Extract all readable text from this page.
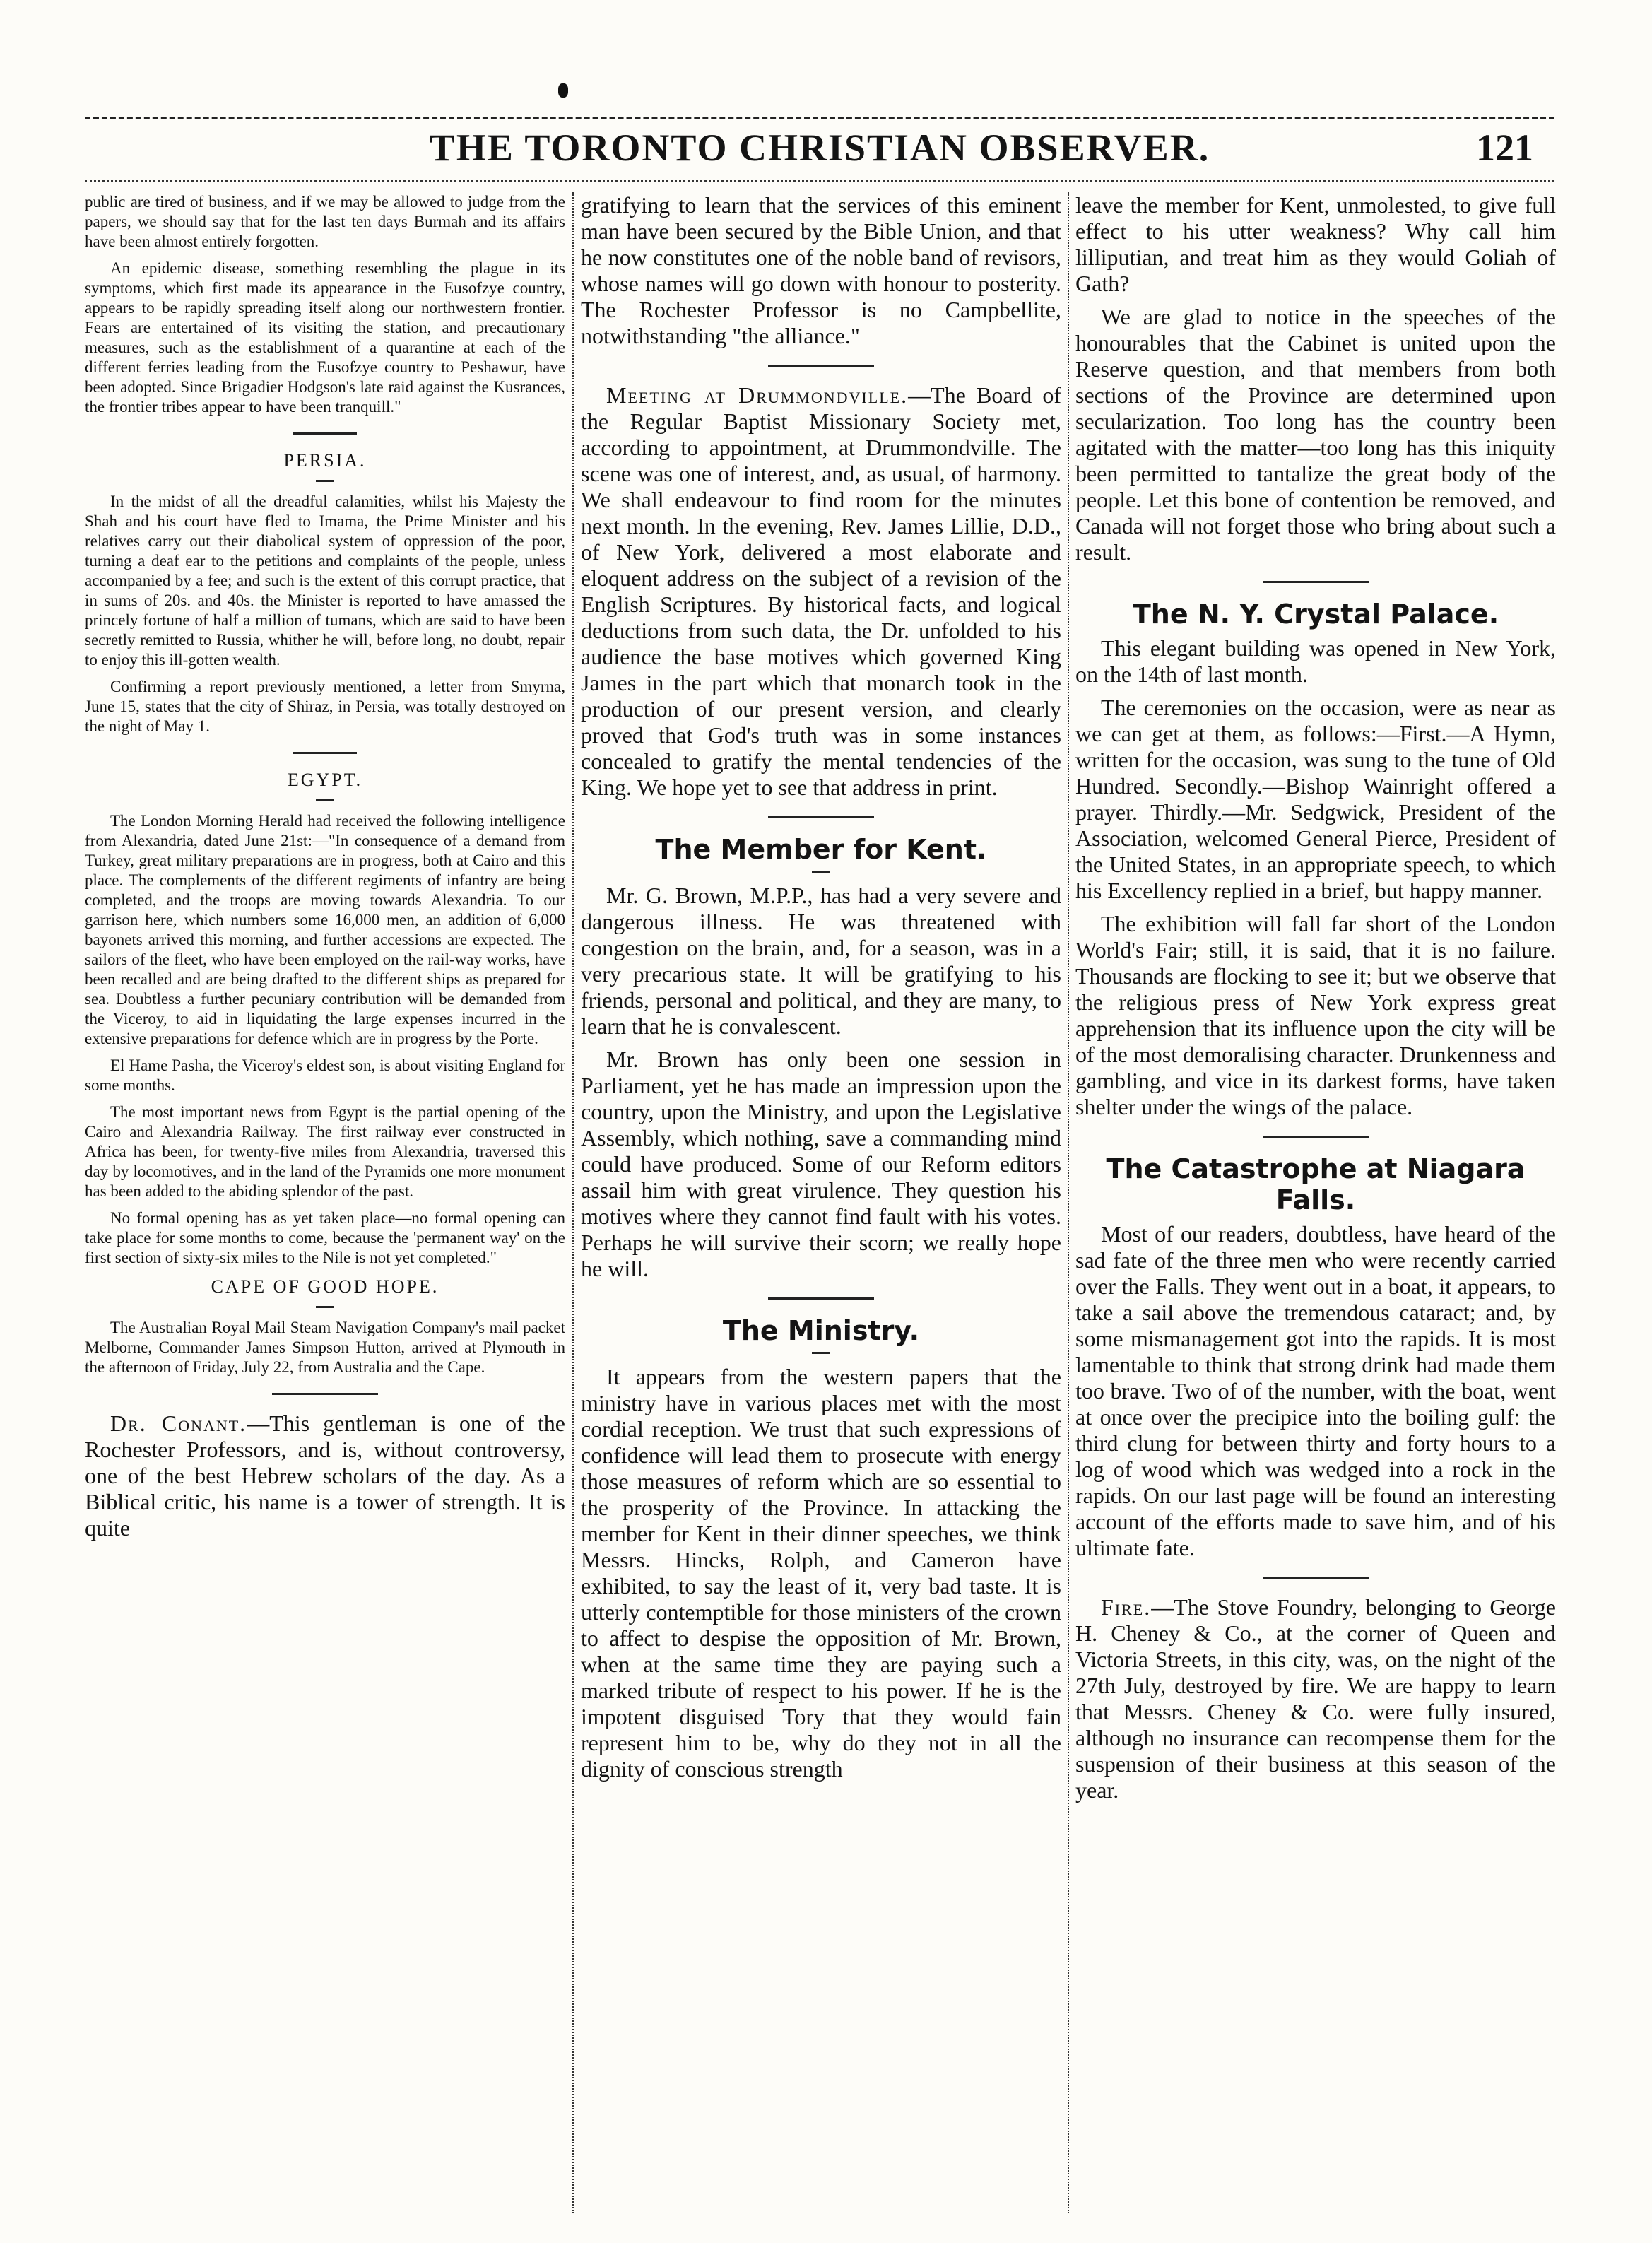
THE TORONTO CHRISTIAN OBSERVER.	121

public are tired of business, and if we may be allowed to judge from the papers, we should say that for the last ten days Burmah and its affairs have been almost entirely forgotten.

An epidemic disease, something resembling the plague in its symptoms, which first made its appearance in the Eusofzye country, appears to be rapidly spreading itself along our northwestern frontier. Fears are entertained of its visiting the station, and precautionary measures, such as the establishment of a quarantine at each of the different ferries leading from the Eusofzye country to Peshawur, have been adopted. Since Brigadier Hodgson's late raid against the Kusrances, the frontier tribes appear to have been tranquill."

PERSIA.

In the midst of all the dreadful calamities, whilst his Majesty the Shah and his court have fled to Imama, the Prime Minister and his relatives carry out their diabolical system of oppression of the poor, turning a deaf ear to the petitions and complaints of the people, unless accompanied by a fee; and such is the extent of this corrupt practice, that in sums of 20s. and 40s. the Minister is reported to have amassed the princely fortune of half a million of tumans, which are said to have been secretly remitted to Russia, whither he will, before long, no doubt, repair to enjoy this ill-gotten wealth.

Confirming a report previously mentioned, a letter from Smyrna, June 15, states that the city of Shiraz, in Persia, was totally destroyed on the night of May 1.

EGYPT.

The London Morning Herald had received the following intelligence from Alexandria, dated June 21st:—"In consequence of a demand from Turkey, great military preparations are in progress, both at Cairo and this place. The complements of the different regiments of infantry are being completed, and the troops are moving towards Alexandria. To our garrison here, which numbers some 16,000 men, an addition of 6,000 bayonets arrived this morning, and further accessions are expected. The sailors of the fleet, who have been employed on the rail-way works, have been recalled and are being drafted to the different ships as prepared for sea. Doubtless a further pecuniary contribution will be demanded from the Viceroy, to aid in liquidating the large expenses incurred in the extensive preparations for defence which are in progress by the Porte.

El Hame Pasha, the Viceroy's eldest son, is about visiting England for some months.

The most important news from Egypt is the partial opening of the Cairo and Alexandria Railway. The first railway ever constructed in Africa has been, for twenty-five miles from Alexandria, traversed this day by locomotives, and in the land of the Pyramids one more monument has been added to the abiding splendor of the past.

No formal opening has as yet taken place—no formal opening can take place for some months to come, because the 'permanent way' on the first section of sixty-six miles to the Nile is not yet completed."

CAPE OF GOOD HOPE.

The Australian Royal Mail Steam Navigation Company's mail packet Melborne, Commander James Simpson Hutton, arrived at Plymouth in the afternoon of Friday, July 22, from Australia and the Cape.

Dr. Conant.—This gentleman is one of the Rochester Professors, and is, without controversy, one of the best Hebrew scholars of the day. As a Biblical critic, his name is a tower of strength. It is quite

gratifying to learn that the services of this eminent man have been secured by the Bible Union, and that he now constitutes one of the noble band of revisors, whose names will go down with honour to posterity. The Rochester Professor is no Campbellite, notwithstanding "the alliance."

Meeting at Drummondville.—The Board of the Regular Baptist Missionary Society met, according to appointment, at Drummondville. The scene was one of interest, and, as usual, of harmony. We shall endeavour to find room for the minutes next month. In the evening, Rev. James Lillie, D.D., of New York, delivered a most elaborate and eloquent address on the subject of a revision of the English Scriptures. By historical facts, and logical deductions from such data, the Dr. unfolded to his audience the base motives which governed King James in the part which that monarch took in the production of our present version, and clearly proved that God's truth was in some instances concealed to gratify the mental tendencies of the King. We hope yet to see that address in print.

The Member for Kent.

Mr. G. Brown, M.P.P., has had a very severe and dangerous illness. He was threatened with congestion on the brain, and, for a season, was in a very precarious state. It will be gratifying to his friends, personal and political, and they are many, to learn that he is convalescent.

Mr. Brown has only been one session in Parliament, yet he has made an impression upon the country, upon the Ministry, and upon the Legislative Assembly, which nothing, save a commanding mind could have produced. Some of our Reform editors assail him with great virulence. They question his motives where they cannot find fault with his votes. Perhaps he will survive their scorn; we really hope he will.

The Ministry.

It appears from the western papers that the ministry have in various places met with the most cordial reception. We trust that such expressions of confidence will lead them to prosecute with energy those measures of reform which are so essential to the prosperity of the Province. In attacking the member for Kent in their dinner speeches, we think Messrs. Hincks, Rolph, and Cameron have exhibited, to say the least of it, very bad taste. It is utterly contemptible for those ministers of the crown to affect to despise the opposition of Mr. Brown, when at the same time they are paying such a marked tribute of respect to his power. If he is the impotent disguised Tory that they would fain represent him to be, why do they not in all the dignity of conscious strength

leave the member for Kent, unmolested, to give full effect to his utter weakness? Why call him lilliputian, and treat him as they would Goliah of Gath?

We are glad to notice in the speeches of the honourables that the Cabinet is united upon the Reserve question, and that members from both sections of the Province are determined upon secularization. Too long has the country been agitated with the matter—too long has this iniquity been permitted to tantalize the great body of the people. Let this bone of contention be removed, and Canada will not forget those who bring about such a result.

The N. Y. Crystal Palace.

This elegant building was opened in New York, on the 14th of last month.

The ceremonies on the occasion, were as near as we can get at them, as follows:—First.—A Hymn, written for the occasion, was sung to the tune of Old Hundred. Secondly.—Bishop Wainright offered a prayer. Thirdly.—Mr. Sedgwick, President of the Association, welcomed General Pierce, President of the United States, in an appropriate speech, to which his Excellency replied in a brief, but happy manner.

The exhibition will fall far short of the London World's Fair; still, it is said, that it is no failure. Thousands are flocking to see it; but we observe that the religious press of New York express great apprehension that its influence upon the city will be of the most demoralising character. Drunkenness and gambling, and vice in its darkest forms, have taken shelter under the wings of the palace.

The Catastrophe at Niagara Falls.

Most of our readers, doubtless, have heard of the sad fate of the three men who were recently carried over the Falls. They went out in a boat, it appears, to take a sail above the tremendous cataract; and, by some mismanagement got into the rapids. It is most lamentable to think that strong drink had made them too brave. Two of of the number, with the boat, went at once over the precipice into the boiling gulf: the third clung for between thirty and forty hours to a log of wood which was wedged into a rock in the rapids. On our last page will be found an interesting account of the efforts made to save him, and of his ultimate fate.

Fire.—The Stove Foundry, belonging to George H. Cheney & Co., at the corner of Queen and Victoria Streets, in this city, was, on the night of the 27th July, destroyed by fire. We are happy to learn that Messrs. Cheney & Co. were fully insured, although no insurance can recompense them for the suspension of their business at this season of the year.
